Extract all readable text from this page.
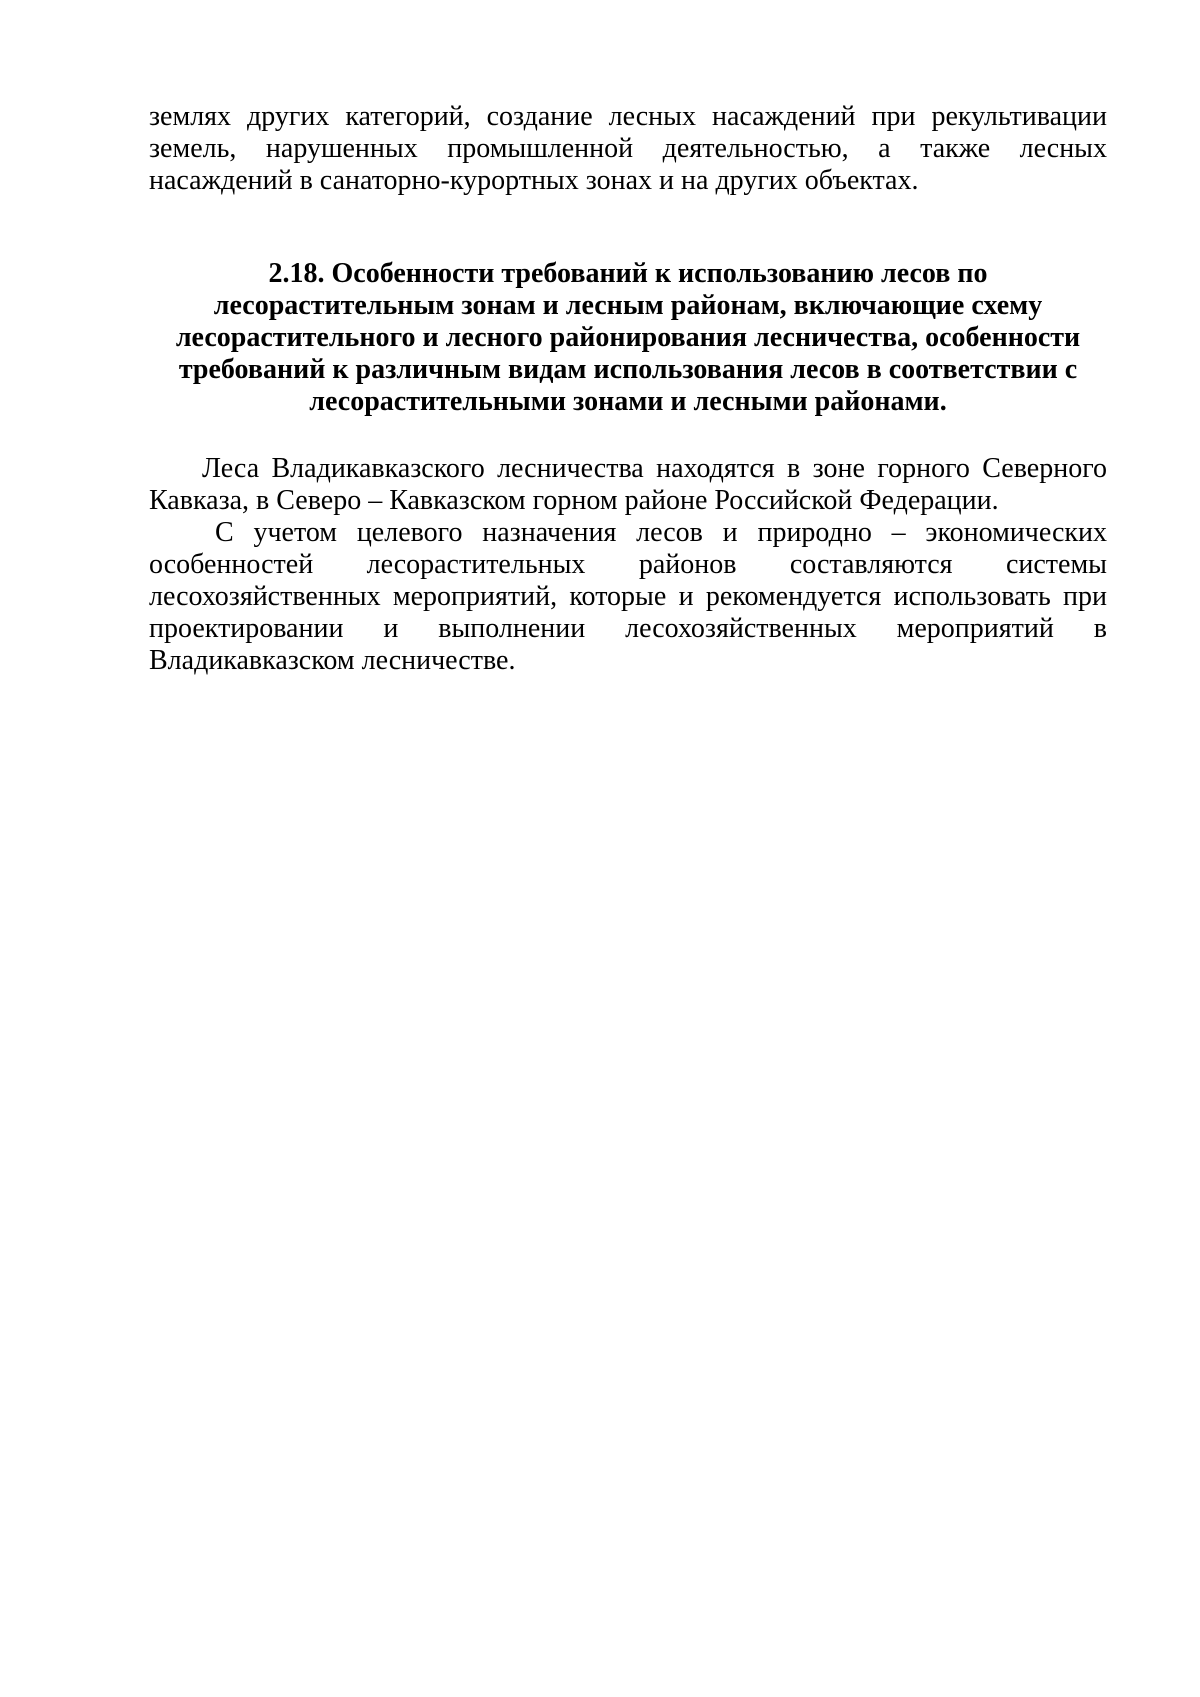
землях других категорий, создание лесных насаждений при рекультивации земель, нарушенных промышленной деятельностью, а также лесных насаждений в санаторно-курортных зонах и на других объектах.

2.18. Особенности требований к использованию лесов по
лесорастительным зонам и лесным районам, включающие схему
лесорастительного и лесного районирования лесничества, особенности
требований к различным видам использования лесов в соответствии с
лесорастительными зонами и лесными районами.

Леса Владикавказского лесничества находятся в зоне горного Северного Кавказа, в Северо – Кавказском горном районе Российской Федерации.

С учетом целевого назначения лесов и природно – экономических особенностей лесорастительных районов составляются системы лесохозяйственных мероприятий, которые и рекомендуется использовать при проектировании и выполнении лесохозяйственных мероприятий в Владикавказском лесничестве.
